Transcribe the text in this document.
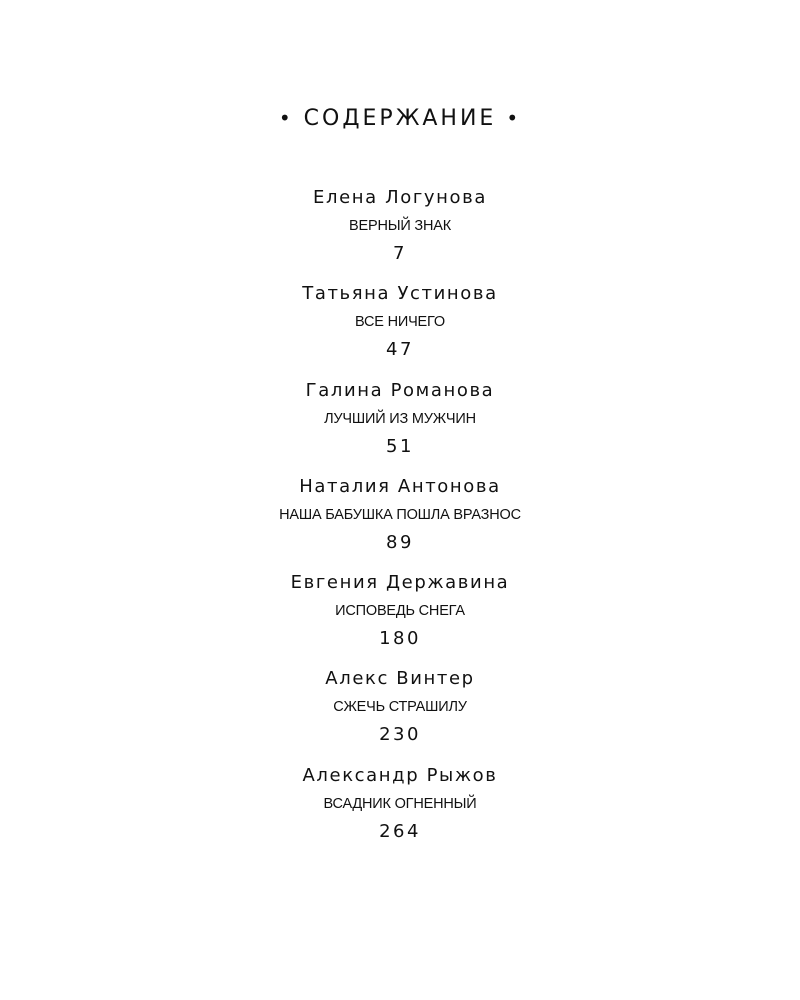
• СОДЕРЖАНИЕ •
Елена Логунова
ВЕРНЫЙ ЗНАК
7
Татьяна Устинова
ВСЕ НИЧЕГО
47
Галина Романова
ЛУЧШИЙ ИЗ МУЖЧИН
51
Наталия Антонова
НАША БАБУШКА ПОШЛА ВРАЗНОС
89
Евгения Державина
ИСПОВЕДЬ СНЕГА
180
Алекс Винтер
СЖЕЧЬ СТРАШИЛУ
230
Александр Рыжов
ВСАДНИК ОГНЕННЫЙ
264
